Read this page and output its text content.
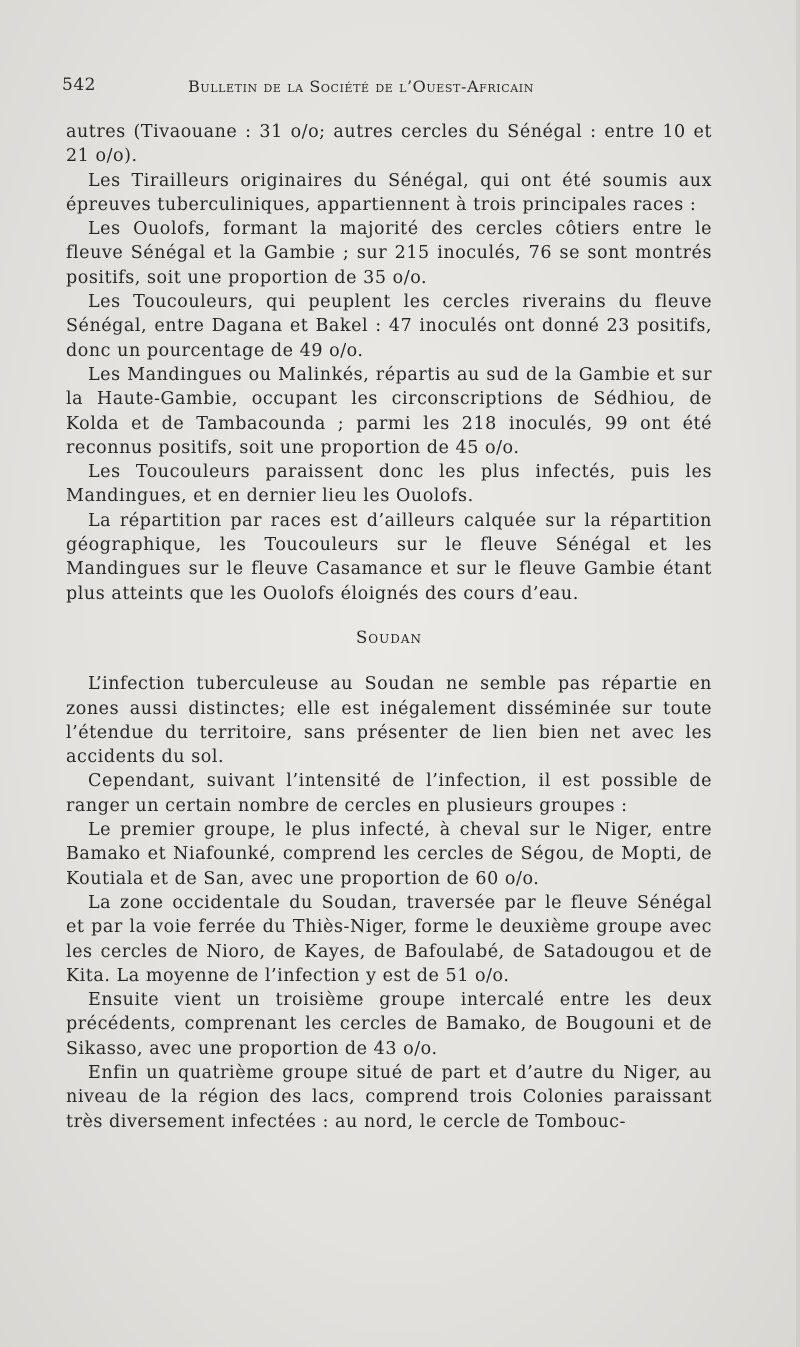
542	Bulletin de la Société de l’Ouest-Africain

autres (Tivaouane : 31 o/o; autres cercles du Sénégal : entre 10 et 21 o/o).

Les Tirailleurs originaires du Sénégal, qui ont été soumis aux épreuves tuberculiniques, appartiennent à trois principales races :

Les Ouolofs, formant la majorité des cercles côtiers entre le fleuve Sénégal et la Gambie ; sur 215 inoculés, 76 se sont montrés positifs, soit une proportion de 35 o/o.

Les Toucouleurs, qui peuplent les cercles riverains du fleuve Sénégal, entre Dagana et Bakel : 47 inoculés ont donné 23 positifs, donc un pourcentage de 49 o/o.

Les Mandingues ou Malinkés, répartis au sud de la Gambie et sur la Haute-Gambie, occupant les circonscriptions de Sédhiou, de Kolda et de Tambacounda ; parmi les 218 inoculés, 99 ont été reconnus positifs, soit une proportion de 45 o/o.

Les Toucouleurs paraissent donc les plus infectés, puis les Mandingues, et en dernier lieu les Ouolofs.

La répartition par races est d’ailleurs calquée sur la répartition géographique, les Toucouleurs sur le fleuve Sénégal et les Mandingues sur le fleuve Casamance et sur le fleuve Gambie étant plus atteints que les Ouolofs éloignés des cours d’eau.

Soudan

L’infection tuberculeuse au Soudan ne semble pas répartie en zones aussi distinctes; elle est inégalement disséminée sur toute l’étendue du territoire, sans présenter de lien bien net avec les accidents du sol.

Cependant, suivant l’intensité de l’infection, il est possible de ranger un certain nombre de cercles en plusieurs groupes :

Le premier groupe, le plus infecté, à cheval sur le Niger, entre Bamako et Niafounké, comprend les cercles de Ségou, de Mopti, de Koutiala et de San, avec une proportion de 60 o/o.

La zone occidentale du Soudan, traversée par le fleuve Sénégal et par la voie ferrée du Thiès-Niger, forme le deuxième groupe avec les cercles de Nioro, de Kayes, de Bafoulabé, de Satadougou et de Kita. La moyenne de l’infection y est de 51 o/o.

Ensuite vient un troisième groupe intercalé entre les deux précédents, comprenant les cercles de Bamako, de Bougouni et de Sikasso, avec une proportion de 43 o/o.

Enfin un quatrième groupe situé de part et d’autre du Niger, au niveau de la région des lacs, comprend trois Colonies paraissant très diversement infectées : au nord, le cercle de Tombouc-
